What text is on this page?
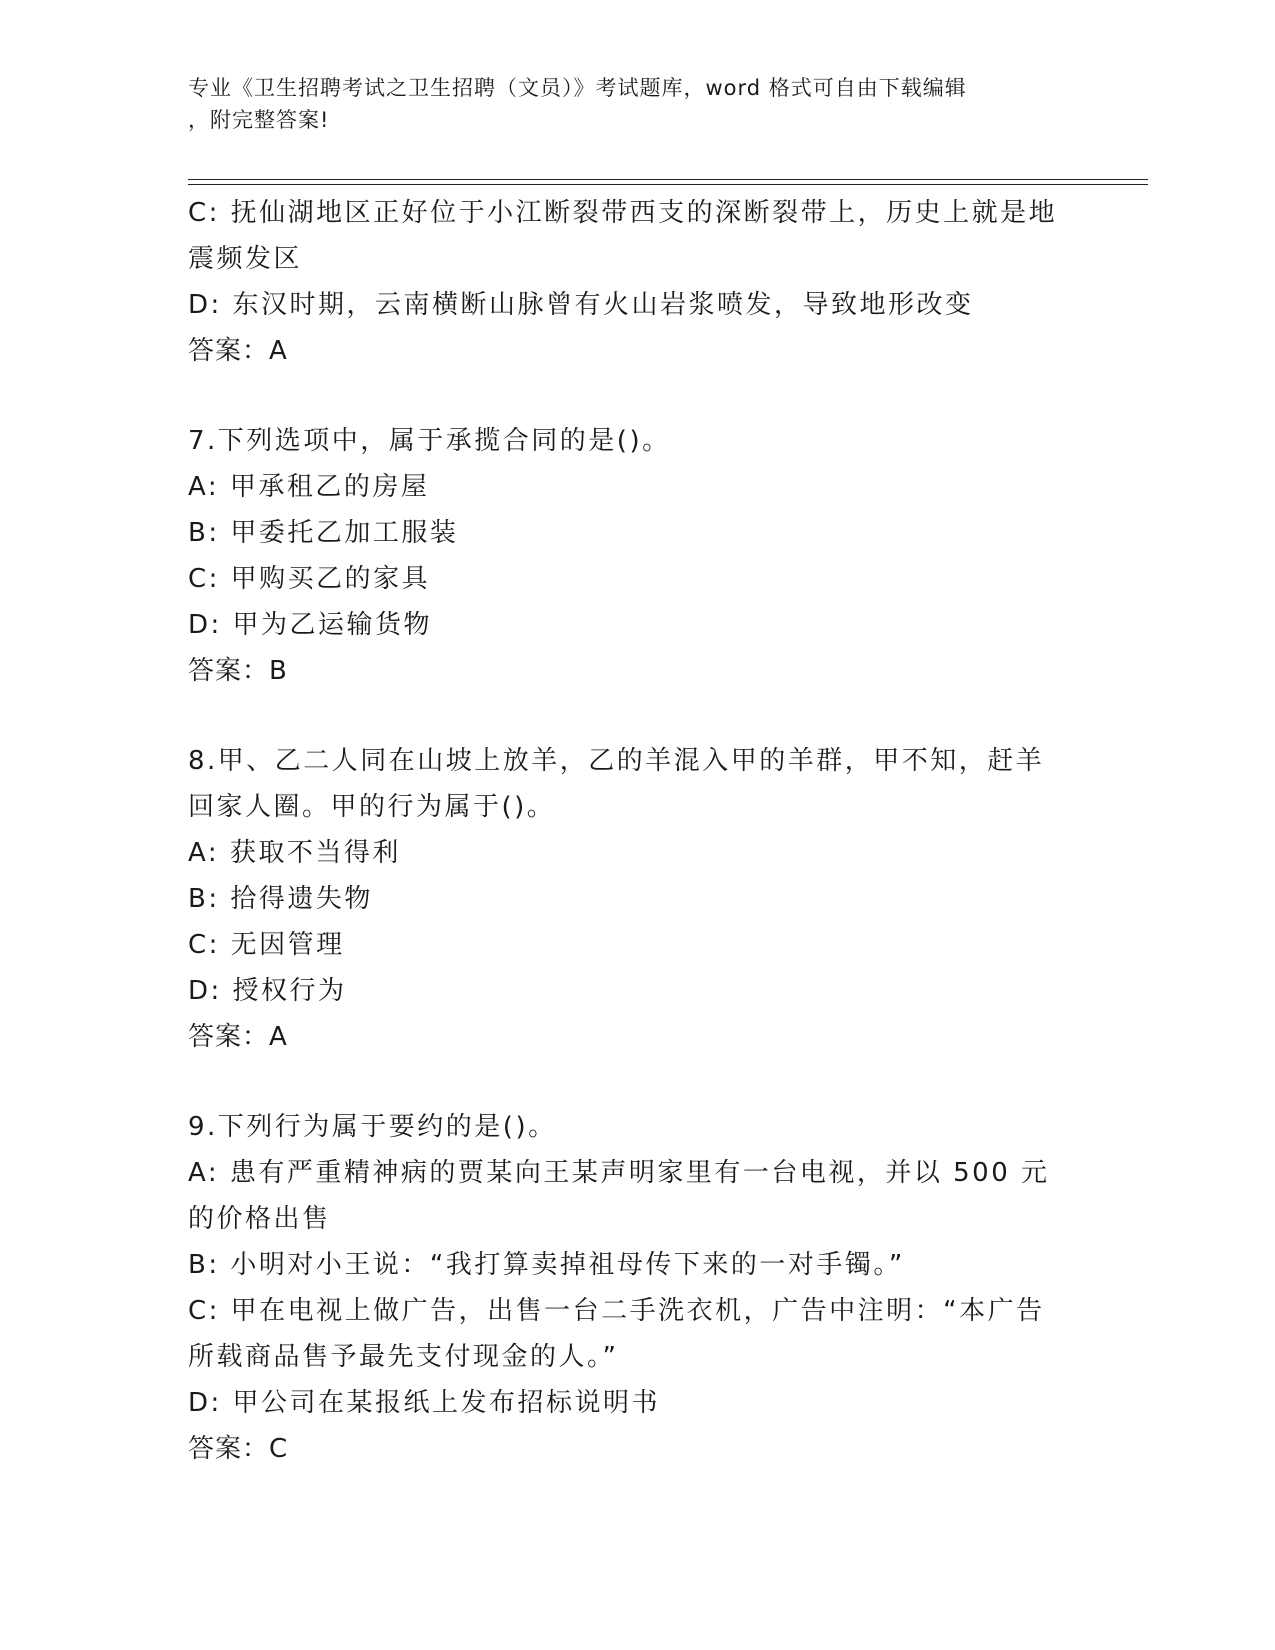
专业《卫生招聘考试之卫生招聘（文员）》考试题库，word 格式可自由下载编辑
，附完整答案!
C: 抚仙湖地区正好位于小江断裂带西支的深断裂带上，历史上就是地震频发区
D: 东汉时期，云南横断山脉曾有火山岩浆喷发，导致地形改变
答案：A
7.下列选项中，属于承揽合同的是()。
A: 甲承租乙的房屋
B: 甲委托乙加工服装
C: 甲购买乙的家具
D: 甲为乙运输货物
答案：B
8.甲、乙二人同在山坡上放羊，乙的羊混入甲的羊群，甲不知，赶羊回家人圈。甲的行为属于()。
A: 获取不当得利
B: 拾得遗失物
C: 无因管理
D: 授权行为
答案：A
9.下列行为属于要约的是()。
A: 患有严重精神病的贾某向王某声明家里有一台电视，并以 500 元的价格出售
B: 小明对小王说：“我打算卖掉祖母传下来的一对手镯。”
C: 甲在电视上做广告，出售一台二手洗衣机，广告中注明：“本广告所载商品售予最先支付现金的人。”
D: 甲公司在某报纸上发布招标说明书
答案：C
